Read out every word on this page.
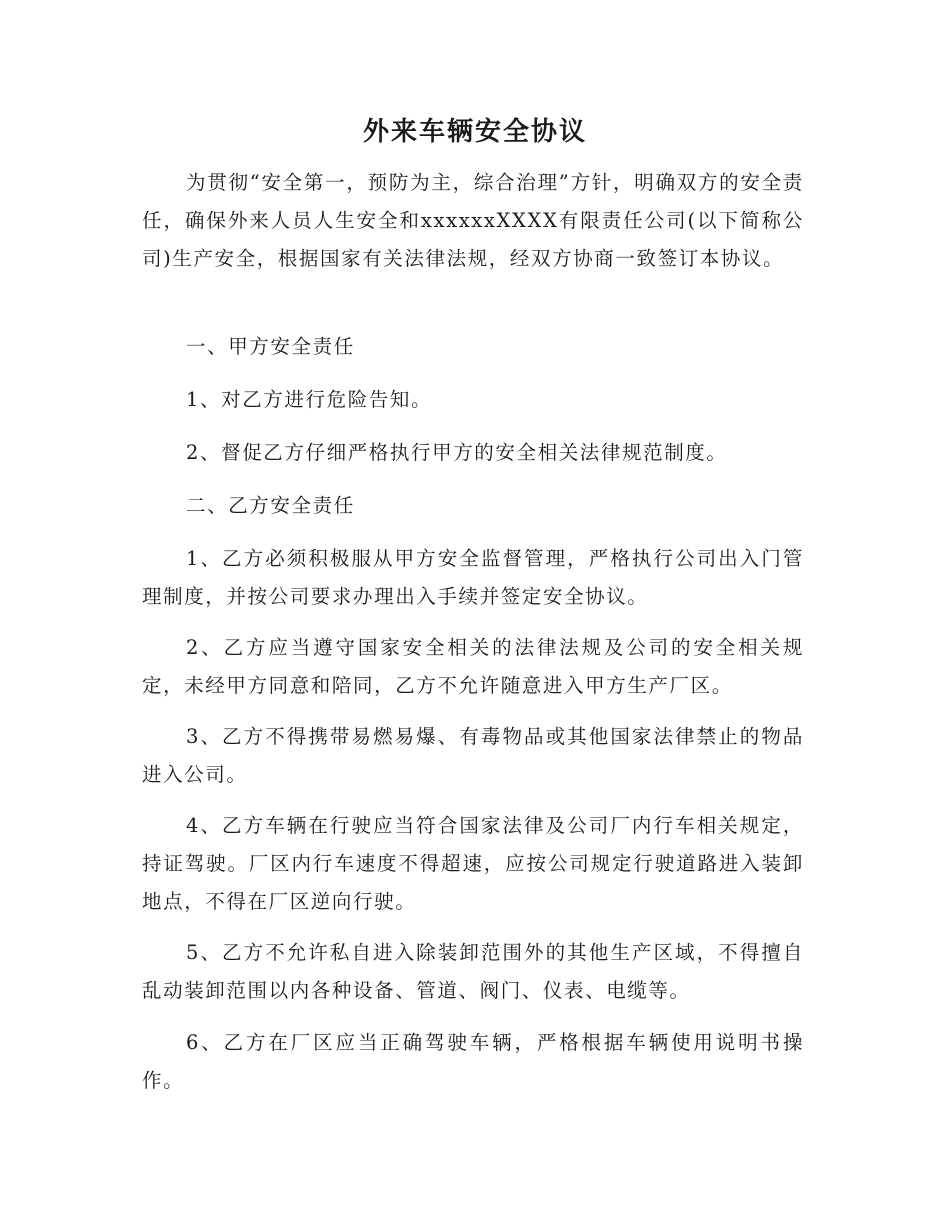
外来车辆安全协议

为贯彻“安全第一，预防为主，综合治理”方针，明确双方的安全责任，确保外来人员人生安全和xxxxxxXXXX有限责任公司(以下简称公司)生产安全，根据国家有关法律法规，经双方协商一致签订本协议。

一、甲方安全责任

1、对乙方进行危险告知。

2、督促乙方仔细严格执行甲方的安全相关法律规范制度。

二、乙方安全责任

1、乙方必须积极服从甲方安全监督管理，严格执行公司出入门管理制度，并按公司要求办理出入手续并签定安全协议。

2、乙方应当遵守国家安全相关的法律法规及公司的安全相关规定，未经甲方同意和陪同，乙方不允许随意进入甲方生产厂区。

3、乙方不得携带易燃易爆、有毒物品或其他国家法律禁止的物品进入公司。

4、乙方车辆在行驶应当符合国家法律及公司厂内行车相关规定，持证驾驶。厂区内行车速度不得超速，应按公司规定行驶道路进入装卸地点，不得在厂区逆向行驶。

5、乙方不允许私自进入除装卸范围外的其他生产区域，不得擅自乱动装卸范围以内各种设备、管道、阀门、仪表、电缆等。

6、乙方在厂区应当正确驾驶车辆，严格根据车辆使用说明书操作。
